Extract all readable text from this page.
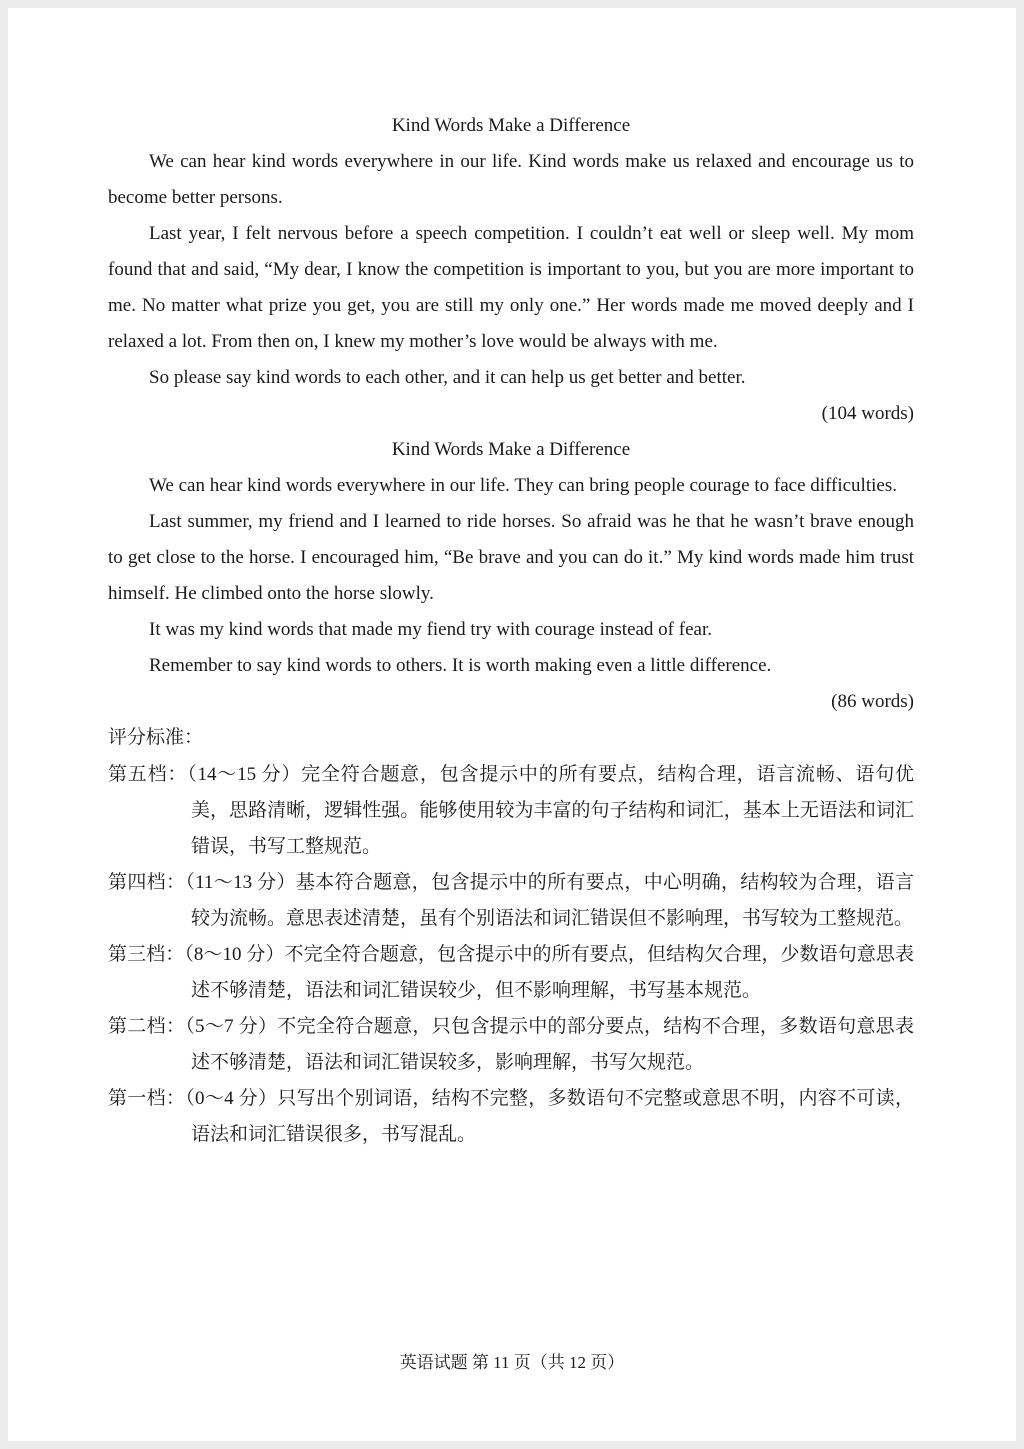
Kind Words Make a Difference

We can hear kind words everywhere in our life. Kind words make us relaxed and encourage us to become better persons.

Last year, I felt nervous before a speech competition. I couldn’t eat well or sleep well. My mom found that and said, “My dear, I know the competition is important to you, but you are more important to me. No matter what prize you get, you are still my only one.” Her words made me moved deeply and I relaxed a lot. From then on, I knew my mother’s love would be always with me.

So please say kind words to each other, and it can help us get better and better.

(104 words)
Kind Words Make a Difference

We can hear kind words everywhere in our life. They can bring people courage to face difficulties.

Last summer, my friend and I learned to ride horses. So afraid was he that he wasn’t brave enough to get close to the horse. I encouraged him, “Be brave and you can do it.” My kind words made him trust himself. He climbed onto the horse slowly.

It was my kind words that made my fiend try with courage instead of fear.

Remember to say kind words to others. It is worth making even a little difference.

(86 words)
评分标准：
第五档：（14～15 分）完全符合题意，包含提示中的所有要点，结构合理，语言流畅、语句优美，思路清晰，逻辑性强。能够使用较为丰富的句子结构和词汇，基本上无语法和词汇错误，书写工整规范。
第四档：（11～13 分）基本符合题意，包含提示中的所有要点，中心明确，结构较为合理，语言较为流畅。意思表述清楚，虽有个别语法和词汇错误但不影响理，书写较为工整规范。
第三档：（8～10 分）不完全符合题意，包含提示中的所有要点，但结构欠合理，少数语句意思表述不够清楚，语法和词汇错误较少，但不影响理解，书写基本规范。
第二档：（5～7 分）不完全符合题意，只包含提示中的部分要点，结构不合理，多数语句意思表述不够清楚，语法和词汇错误较多，影响理解，书写欠规范。
第一档：（0～4 分）只写出个别词语，结构不完整，多数语句不完整或意思不明，内容不可读，语法和词汇错误很多，书写混乱。
英语试题 第 11 页（共 12 页）
